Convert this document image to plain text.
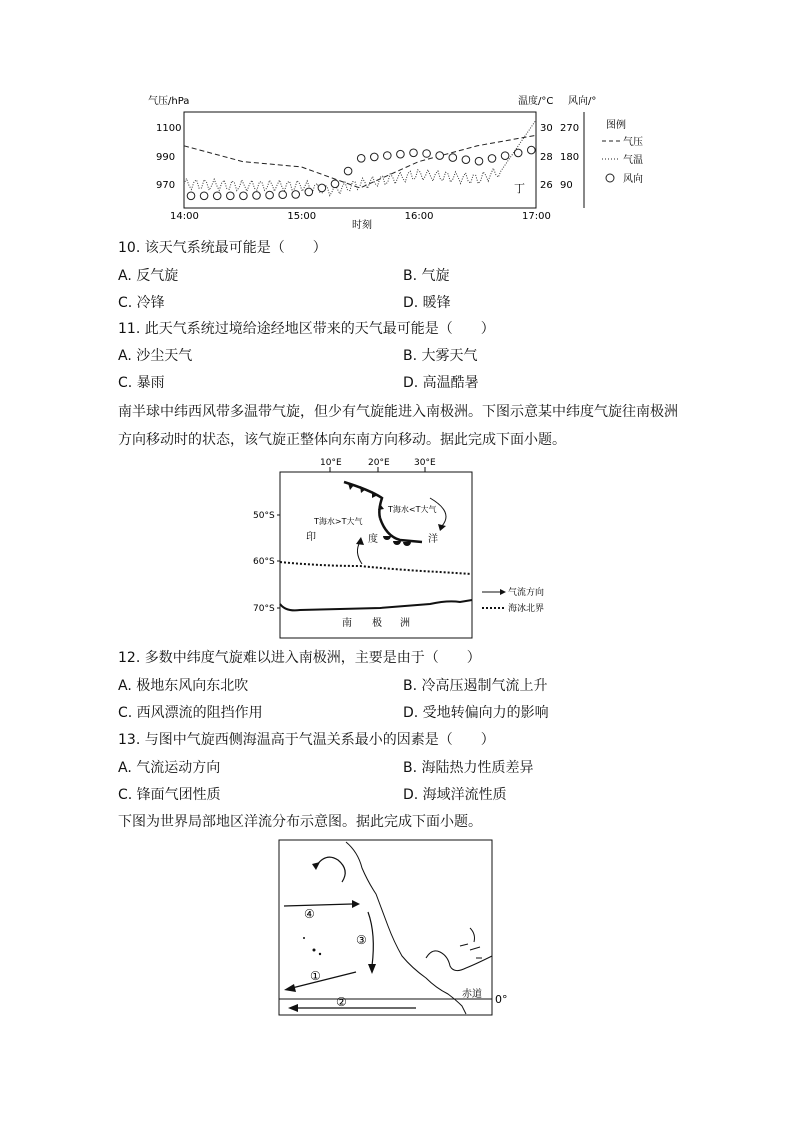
气压/hPa	温度/°C 风向/°
14:00	15:00	16:00	17:00
1100
990
970
30
28
26
270
180
90
丁
时刻
图例
气压
气温
风向
10. 该天气系统最可能是（　　）
A. 反气旋	B. 气旋
C. 冷锋	D. 暖锋
11. 此天气系统过境给途经地区带来的天气最可能是（　　）
A. 沙尘天气	B. 大雾天气
C. 暴雨	D. 高温酷暑
南半球中纬西风带多温带气旋，但少有气旋能进入南极洲。下图示意某中纬度气旋往南极洲方向移动时的状态，该气旋正整体向东南方向移动。据此完成下面小题。
10°E	20°E	30°E
50°S
60°S
70°S
T海水<T大气
T海水>T大气
印	度	洋
南 极 洲
气流方向
海冰北界
12. 多数中纬度气旋难以进入南极洲，主要是由于（　　）
A. 极地东风向东北吹	B. 冷高压遏制气流上升
C. 西风漂流的阻挡作用	D. 受地转偏向力的影响
13. 与图中气旋西侧海温高于气温关系最小的因素是（　　）
A. 气流运动方向	B. 海陆热力性质差异
C. 锋面气团性质	D. 海域洋流性质
下图为世界局部地区洋流分布示意图。据此完成下面小题。
①
②
③
④
赤道 0°
